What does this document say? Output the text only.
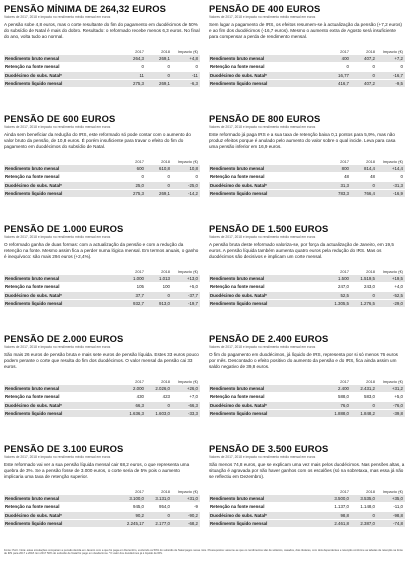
PENSÃO MÍNIMA DE 264,32 EUROS
Valores de 2017, 2018 e impacto no rendimento médio mensal em euros
A pensão sobe 4,8 euros, mas o corte resultante do fim do pagamento em duodécimos de 50% do subsídio de Natal é mais do dobro. Resultado: o reformado recebe menos 6,3 euros. No final do ano, volta tudo ao normal.
	2017	2018	Impacto (€)
Rendimento bruto mensal	264,3	269,1	+4,8
Retenção na fonte mensal	0	0	0
Duodécimo do subs. Natal*	11	0	-11
Rendimento líquido mensal	275,3	269,1	-6,3
PENSÃO DE 400 EUROS
Valores de 2017, 2018 e impacto no rendimento médio mensal em euros
Sem lugar a pagamento de IRS, os efeitos resumem-se à actualização da pensão (+7,2 euros) e ao fim dos duodécimos (-16,7 euros). Mesmo o aumento extra de Agosto será insuficiente para compensar a perda de rendimento mensal.
	2017	2018	Impacto (€)
Rendimento bruto mensal	400	407,2	+7,2
Retenção na fonte mensal	0	0	0
Duodécimo do subs. Natal*	16,77	0	-16,7
Rendimento líquido mensal	416,7	407,2	-9,5
PENSÃO DE 600 EUROS
Valores de 2017, 2018 e impacto no rendimento médio mensal em euros
Ainda sem beneficiar da redução do IRS, este reformado só pode contar com o aumento do valor bruto da pensão, de 10,8 euros. É porém insuficiente para travar o efeito do fim do pagamento em duodécimos do subsídio de Natal.
	2017	2018	Impacto (€)
Rendimento bruto mensal	600	610,8	10,8
Retenção na fonte mensal	0	0	0
Duodécimo do subs. Natal*	25,0	0	-25,0
Rendimento líquido mensal	275,3	269,1	-14,2
PENSÃO DE 800 EUROS
Valores de 2017, 2018 e impacto no rendimento médio mensal em euros
Este reformado já paga IRS e a sua taxa de retenção baixa 0,1 pontos para 5,9%, mas não produz efeitos porque é anulado pelo aumento do valor sobre o qual incide. Leva para casa uma pensão inferior em 16,9 euros.
	2017	2018	Impacto (€)
Rendimento bruto mensal	800	814,4	+14,4
Retenção na fonte mensal	48	48	0
Duodécimo do subs. Natal*	31,3	0	-31,3
Rendimento líquido mensal	783,3	766,4	-16,9
PENSÃO DE 1.000 EUROS
Valores de 2017, 2018 e impacto no rendimento médio mensal em euros
O reformado ganha de duas formas: com a actualização da pensão e com a redução da retenção na fonte. Mesmo assim fica a perder numa lógica mensal. Em termos anuais, o ganho é inequívoco: são mais 294 euros (+2,4%).
	2017	2018	Impacto (€)
Rendimento bruto mensal	1.000	1.013	+13,0
Retenção na fonte mensal	105	100	+5,0
Duodécimo do subs. Natal*	37,7	0	-37,7
Rendimento líquido mensal	932,7	913,0	-19,7
PENSÃO DE 1.500 EUROS
Valores de 2017, 2018 e impacto no rendimento médio mensal em euros
A pensão bruta deste reformado valoriza-se, por força da actualização de Janeiro, em 19,5 euros. A pensão líquida também aumenta quatro euros pela redução do IRS. Mas os duodécimos são decisivos e implicam um corte mensal.
	2017	2018	Impacto (€)
Rendimento bruto mensal	1.500	1.519,5	+19,5
Retenção na fonte mensal	247,0	243,0	+4,0
Duodécimo do subs. Natal*	52,5	0	-52,5
Rendimento líquido mensal	1.305,5	1.276,5	-29,0
PENSÃO DE 2.000 EUROS
Valores de 2017, 2018 e impacto no rendimento médio mensal em euros
São mais 26 euros de pensão bruta e mais sete euros de pensão líquida. Estes 33 euros pouco podem perante o corte que resulta do fim dos duodécimos. O valor mensal da pensão cai 33 euros.
	2017	2018	Impacto (€)
Rendimento bruto mensal	2.000	2.026,0	+26,0
Retenção na fonte mensal	430	423	+7,0
Duodécimo do subs. Natal*	66,3	0	-66,3
Rendimento líquido mensal	1.636,3	1.603,0	-33,3
PENSÃO DE 2.400 EUROS
Valores de 2017, 2018 e impacto no rendimento médio mensal em euros
O fim do pagamento em duodécimos, já líquido de IRS, representa por si só menos 76 euros por mês. Descontado o efeito positivo do aumento da pensão e do IRS, fica ainda assim um saldo negativo de 39,8 euros.
	2017	2018	Impacto (€)
Rendimento bruto mensal	2.400	2.431,2	+31,2
Retenção na fonte mensal	588,0	583,0	+5,0
Duodécimo do subs. Natal*	76,0	0	-76,0
Rendimento líquido mensal	1.888,0	1.848,2	-39,8
PENSÃO DE 3.100 EUROS
Valores de 2017, 2018 e impacto no rendimento médio mensal em euros
Este reformado vai ver a sua pensão líquida mensal cair 68,2 euros, o que representa uma quebra de 3%. Se a pensão fosse de 3.000 euros, o corte seria de 5% pois o aumento implicaria uma taxa de retenção superior.
	2017	2018	Impacto (€)
Rendimento bruto mensal	3.100,0	3.131,0	+31,0
Retenção na fonte mensal	945,0	954,0	-9
Duodécimo do subs. Natal*	90,2	0	-90,2
Rendimento líquido mensal	2.245,17	2.177,0	-68,2
PENSÃO DE 3.500 EUROS
Valores de 2017, 2018 e impacto no rendimento médio mensal em euros
São menos 74,8 euros, que se explicam uma vez mais pelos duodécimos. Nas pensões altas, a situação é agravada por não haver ganhos com os escalões (só na sobretaxa, mas essa já não se reflectiu em Dezembro).
	2017	2018	Impacto (€)
Rendimento bruto mensal	3.500,0	3.535,0	+35,0
Retenção na fonte mensal	1.137,0	1.148,0	-11,0
Duodécimo do subs. Natal*	98,8	0	-98,8
Rendimento líquido mensal	2.461,8	2.387,0	-74,8
Fonte: PwC. Nota: estas simulações comparam a pensão devida em Janeiro com a que foi paga em Dezembro, excluindo os 50% do subsídio de Natal pagos nesse mês. Pressupostos: assume-se que os rendimentos são de solteiros, casados, dois titulares, com dois dependentes e retenção conforme as tabelas de retenção na fonte de IRS para 2017 e 2018. Em 2017 50% do subsídio de Natal foi pago em duodécimos. *O valor dos duodécimos já é líquido de IRS.
